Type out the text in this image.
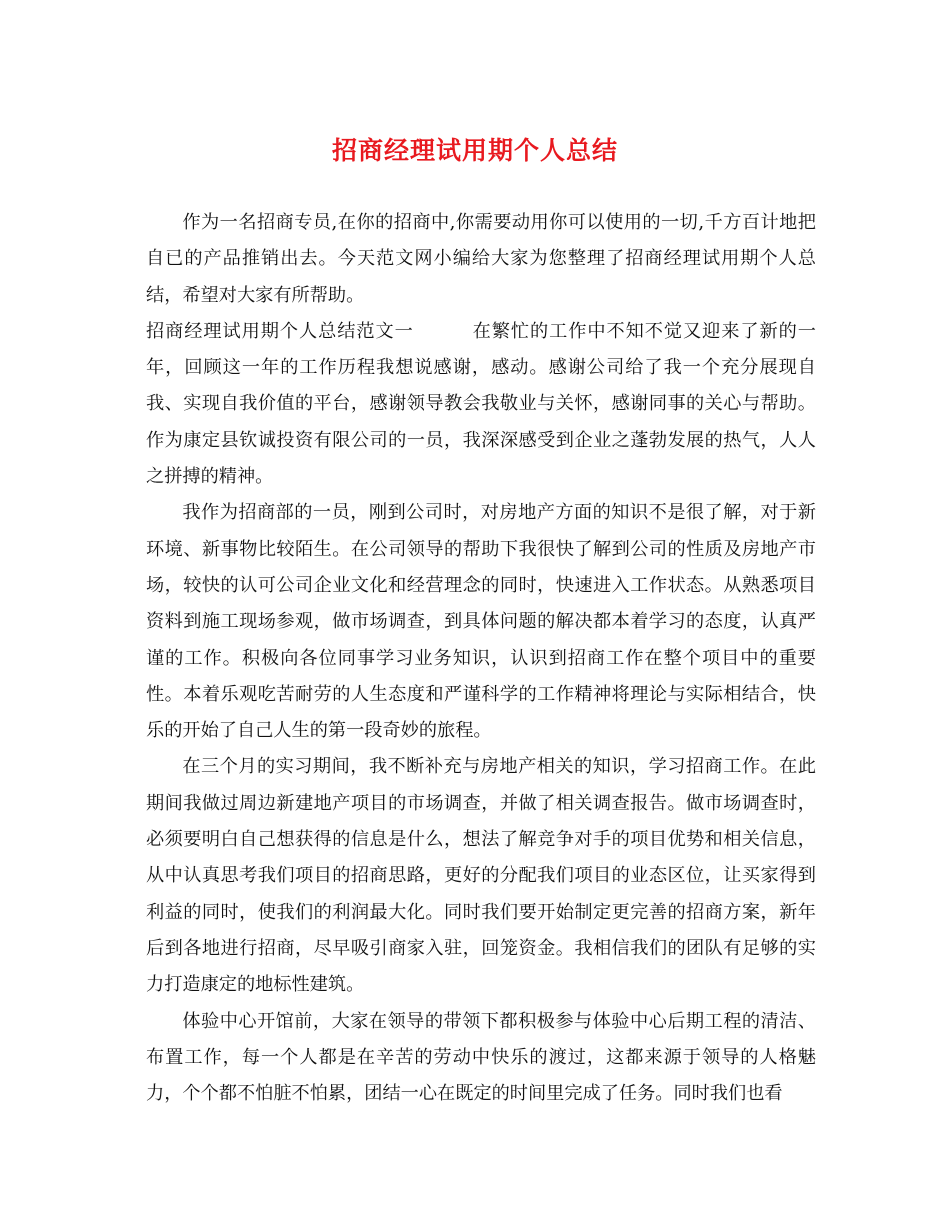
招商经理试用期个人总结

作为一名招商专员,在你的招商中,你需要动用你可以使用的一切,千方百计地把自已的产品推销出去。今天范文网小编给大家为您整理了招商经理试用期个人总结，希望对大家有所帮助。

招商经理试用期个人总结范文一	在繁忙的工作中不知不觉又迎来了新的一年，回顾这一年的工作历程我想说感谢，感动。感谢公司给了我一个充分展现自我、实现自我价值的平台，感谢领导教会我敬业与关怀，感谢同事的关心与帮助。作为康定县钦诚投资有限公司的一员，我深深感受到企业之蓬勃发展的热气，人人之拼搏的精神。

我作为招商部的一员，刚到公司时，对房地产方面的知识不是很了解，对于新环境、新事物比较陌生。在公司领导的帮助下我很快了解到公司的性质及房地产市场，较快的认可公司企业文化和经营理念的同时，快速进入工作状态。从熟悉项目资料到施工现场参观，做市场调查，到具体问题的解决都本着学习的态度，认真严谨的工作。积极向各位同事学习业务知识，认识到招商工作在整个项目中的重要性。本着乐观吃苦耐劳的人生态度和严谨科学的工作精神将理论与实际相结合，快乐的开始了自己人生的第一段奇妙的旅程。

在三个月的实习期间，我不断补充与房地产相关的知识，学习招商工作。在此期间我做过周边新建地产项目的市场调查，并做了相关调查报告。做市场调查时，必须要明白自己想获得的信息是什么，想法了解竞争对手的项目优势和相关信息，从中认真思考我们项目的招商思路，更好的分配我们项目的业态区位，让买家得到利益的同时，使我们的利润最大化。同时我们要开始制定更完善的招商方案，新年后到各地进行招商，尽早吸引商家入驻，回笼资金。我相信我们的团队有足够的实力打造康定的地标性建筑。

体验中心开馆前，大家在领导的带领下都积极参与体验中心后期工程的清洁、布置工作，每一个人都是在辛苦的劳动中快乐的渡过，这都来源于领导的人格魅力，个个都不怕脏不怕累，团结一心在既定的时间里完成了任务。同时我们也看
